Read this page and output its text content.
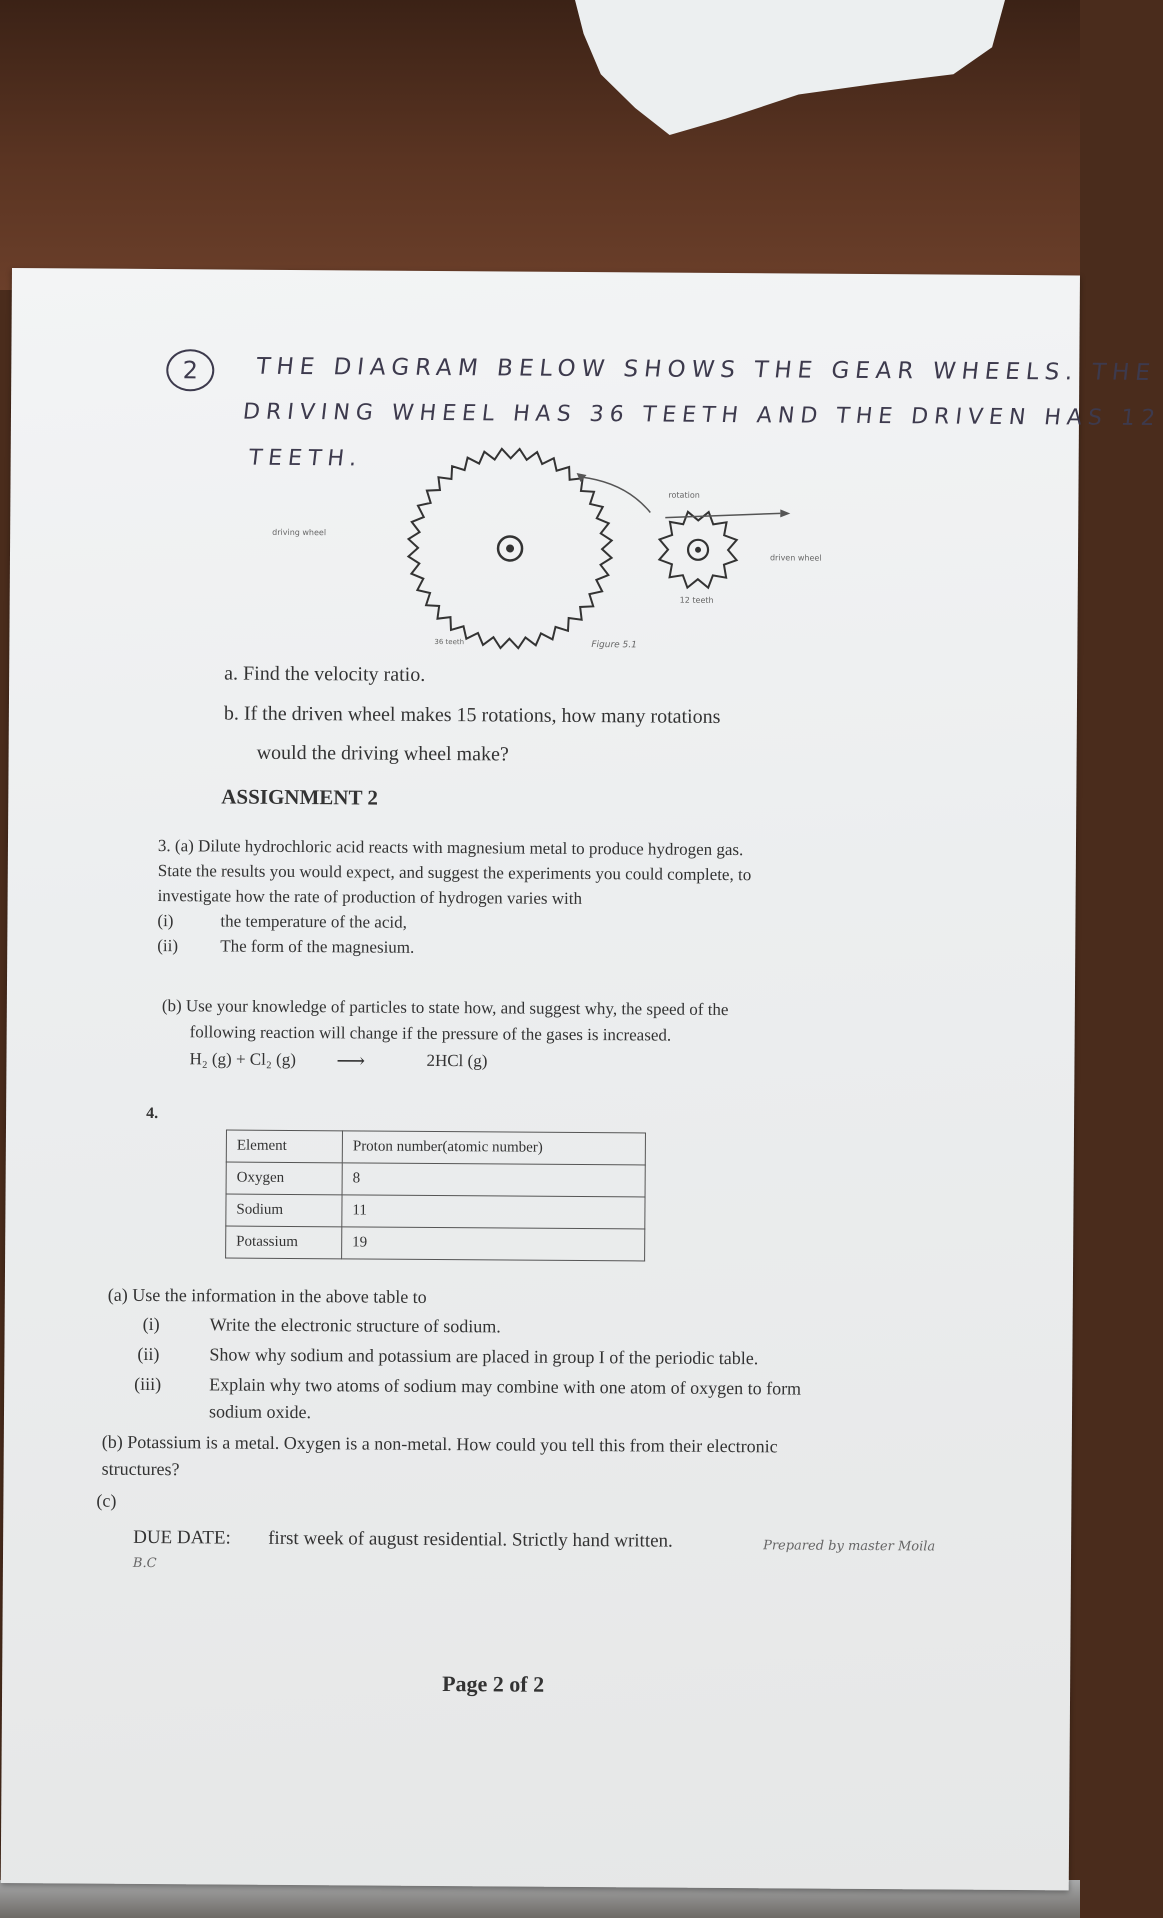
2	THE DIAGRAM BELOW SHOWS THE GEAR WHEELS. THE
DRIVING WHEEL HAS 36 TEETH AND THE DRIVEN HAS 12
TEETH.
rotation
driving wheel
driven wheel
12 teeth
36 teeth	Figure 5.1
a. Find the velocity ratio.
b. If the driven wheel makes 15 rotations, how many rotations
would the driving wheel make?
ASSIGNMENT 2
3. (a) Dilute hydrochloric acid reacts with magnesium metal to produce hydrogen gas.
State the results you would expect, and suggest the experiments you could complete, to
investigate how the rate of production of hydrogen varies with
(i)	the temperature of the acid,
(ii) The form of the magnesium.
(b) Use your knowledge of particles to state how, and suggest why, the speed of the
following reaction will change if the pressure of the gases is increased.
H₂ (g) + Cl₂ (g) ⟶	2HCl (g)
4.
Element	Proton number(atomic number)
Oxygen	8
Sodium	11
Potassium	19
(a) Use the information in the above table to
(i)	Write the electronic structure of sodium.
(ii)	Show why sodium and potassium are placed in group I of the periodic table.
(iii)	Explain why two atoms of sodium may combine with one atom of oxygen to form
sodium oxide.
(b) Potassium is a metal. Oxygen is a non-metal. How could you tell this from their electronic
structures?
(c)
DUE DATE: first week of august residential. Strictly hand written.	Prepared by master Moila
B.C
Page 2 of 2
